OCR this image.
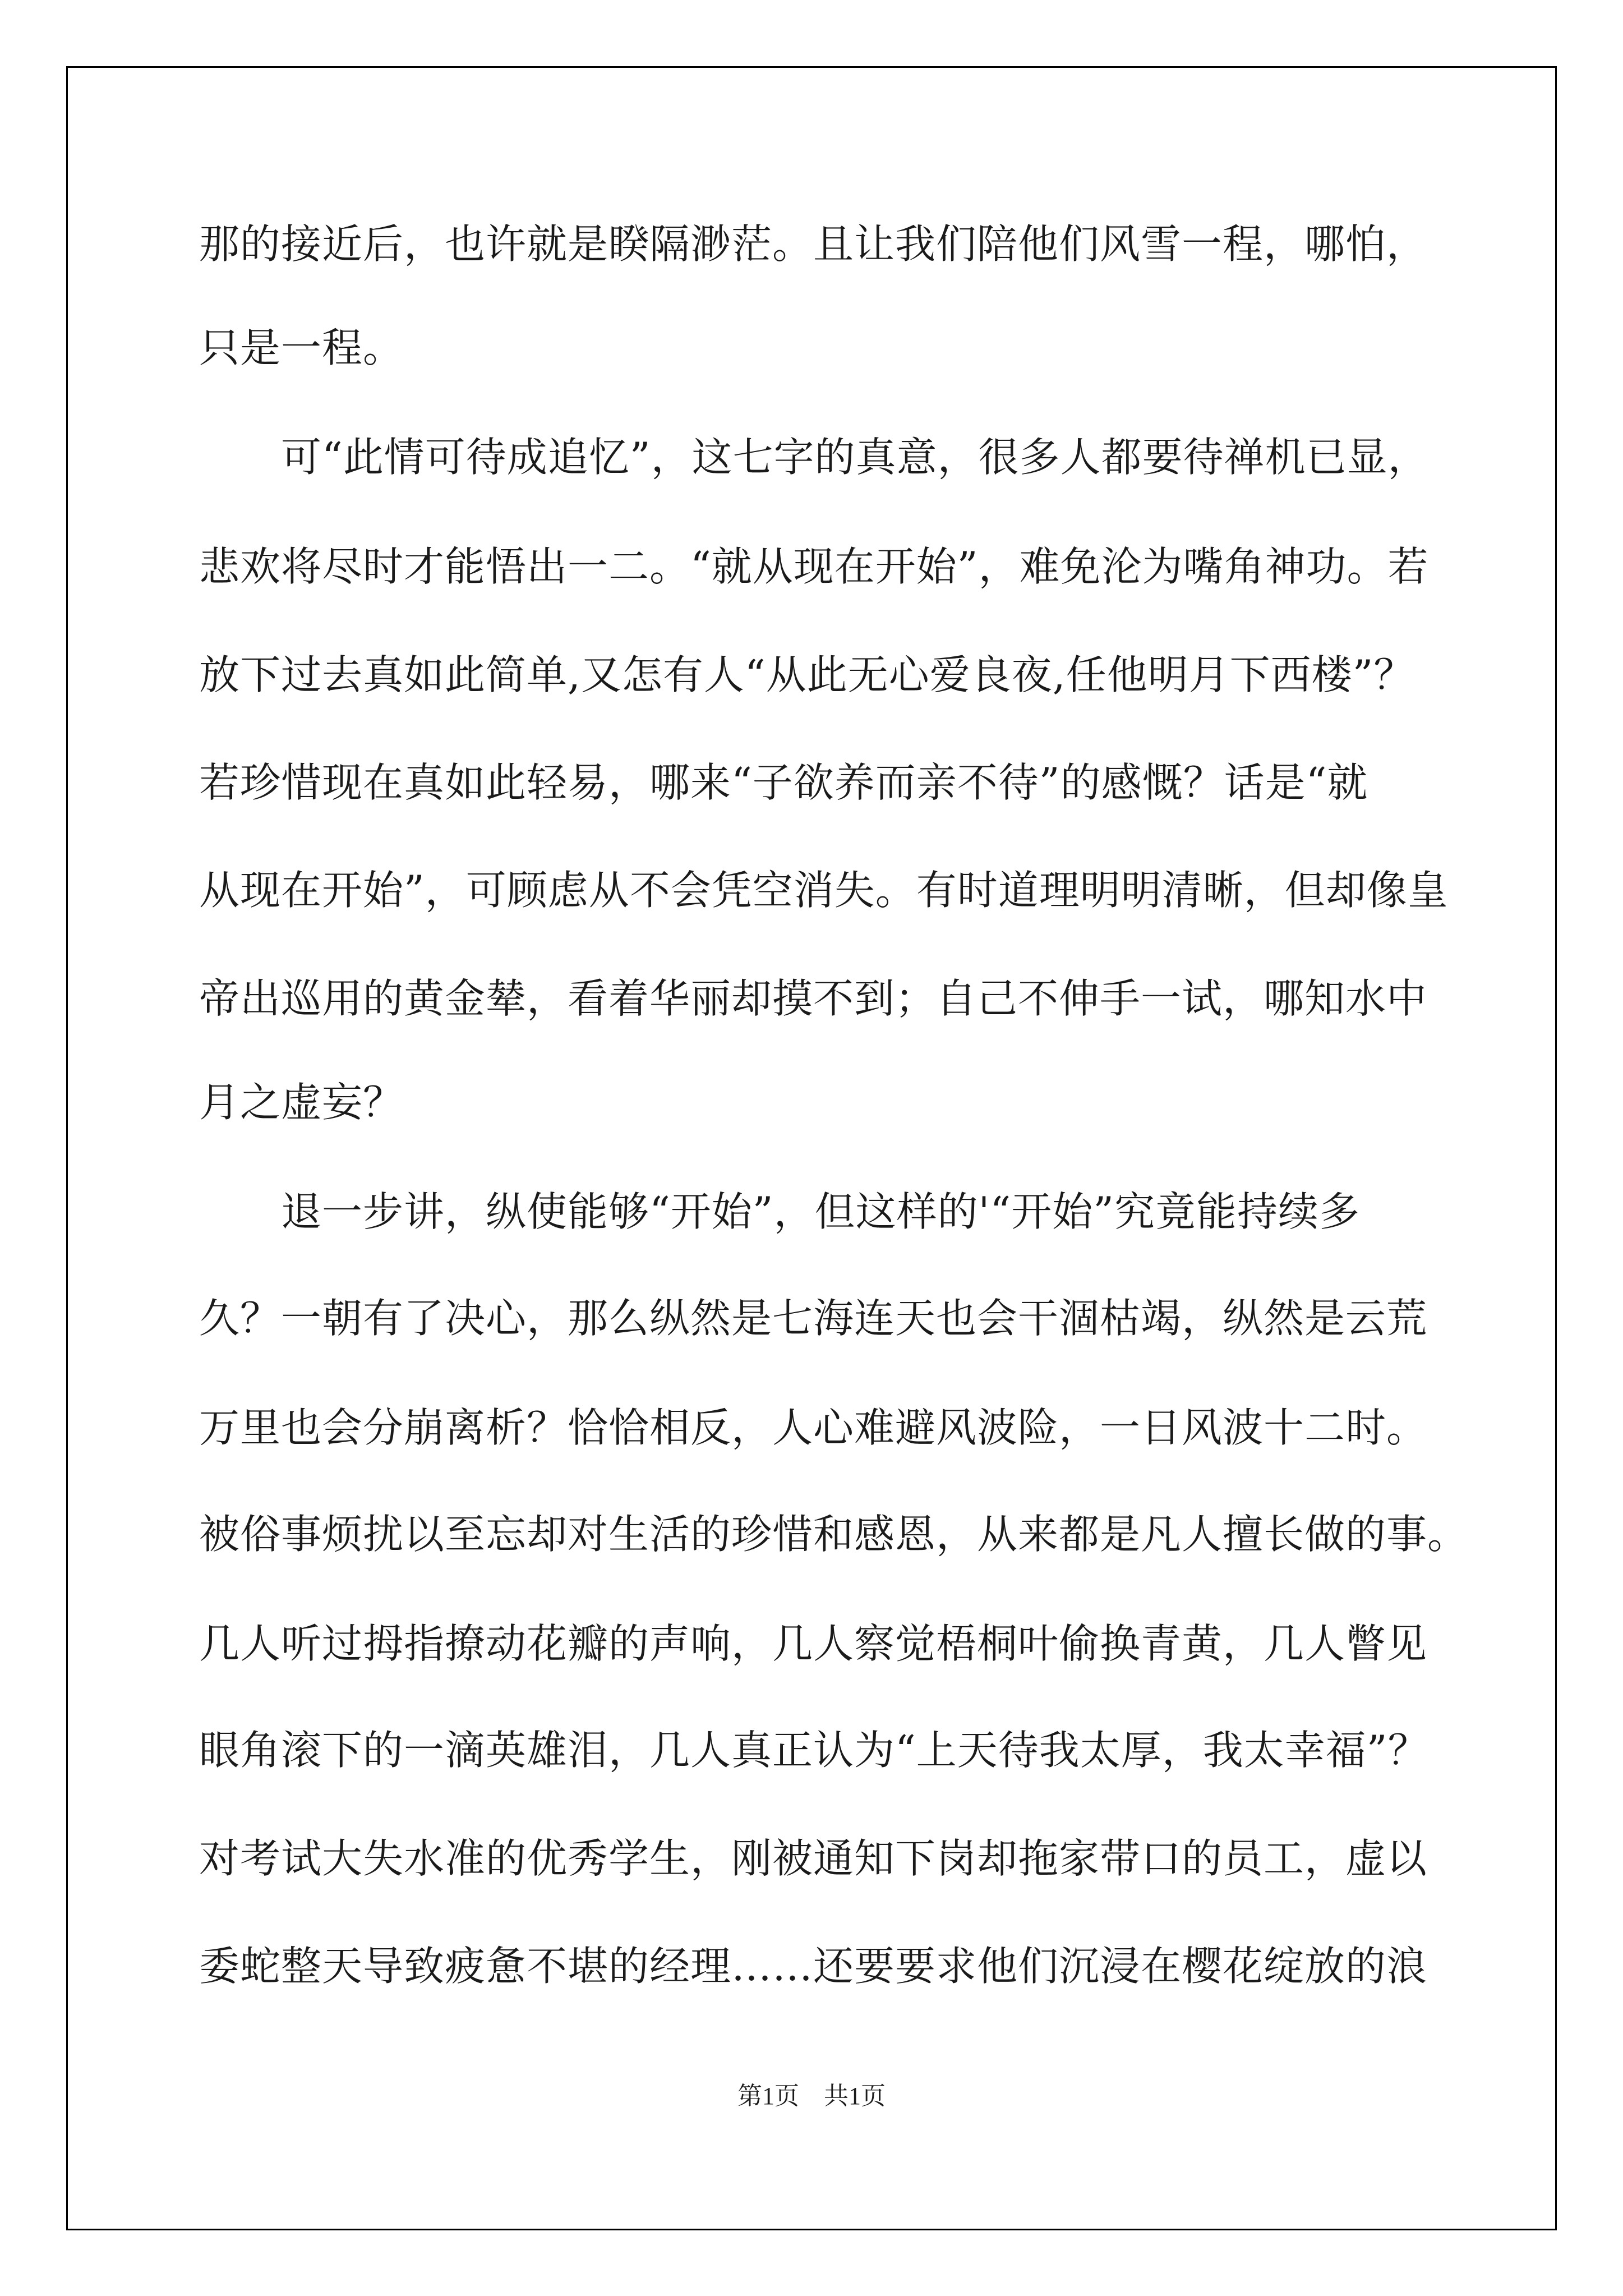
那的接近后，也许就是睽隔渺茫。且让我们陪他们风雪一程，哪怕，
只是一程。
　　可“此情可待成追忆”，这七字的真意，很多人都要待禅机已显，
悲欢将尽时才能悟出一二。“就从现在开始”，难免沦为嘴角神功。若
放下过去真如此简单,又怎有人“从此无心爱良夜,任他明月下西楼”？
若珍惜现在真如此轻易，哪来“子欲养而亲不待”的感慨？话是“就
从现在开始”，可顾虑从不会凭空消失。有时道理明明清晰，但却像皇
帝出巡用的黄金辇，看着华丽却摸不到；自己不伸手一试，哪知水中
月之虚妄？
　　退一步讲，纵使能够“开始”，但这样的'“开始”究竟能持续多
久？一朝有了决心，那么纵然是七海连天也会干涸枯竭，纵然是云荒
万里也会分崩离析？恰恰相反，人心难避风波险，一日风波十二时。
被俗事烦扰以至忘却对生活的珍惜和感恩，从来都是凡人擅长做的事。
几人听过拇指撩动花瓣的声响，几人察觉梧桐叶偷换青黄，几人瞥见
眼角滚下的一滴英雄泪，几人真正认为“上天待我太厚，我太幸福”？
对考试大失水准的优秀学生，刚被通知下岗却拖家带口的员工，虚以
委蛇整天导致疲惫不堪的经理……还要要求他们沉浸在樱花绽放的浪
第1页　共1页
